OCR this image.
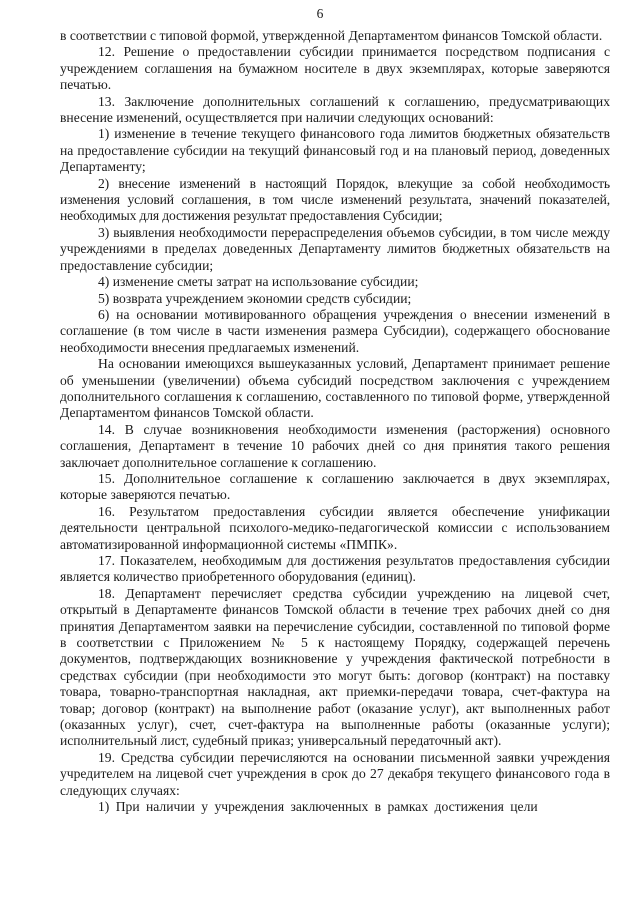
6

в соответствии с типовой формой, утвержденной Департаментом финансов Томской области.

12. Решение о предоставлении субсидии принимается посредством подписания с учреждением соглашения на бумажном носителе в двух экземплярах, которые заверяются печатью.

13. Заключение дополнительных соглашений к соглашению, предусматривающих внесение изменений, осуществляется при наличии следующих оснований:

1) изменение в течение текущего финансового года лимитов бюджетных обязательств на предоставление субсидии на текущий финансовый год и на плановый период, доведенных Департаменту;

2) внесение изменений в настоящий Порядок, влекущие за собой необходимость изменения условий соглашения, в том числе изменений результата, значений показателей, необходимых для достижения результат предоставления Субсидии;

3) выявления необходимости перераспределения объемов субсидии, в том числе между учреждениями в пределах доведенных Департаменту лимитов бюджетных обязательств на предоставление субсидии;

4) изменение сметы затрат на использование субсидии;

5) возврата учреждением экономии средств субсидии;

6) на основании мотивированного обращения учреждения о внесении изменений в соглашение (в том числе в части изменения размера Субсидии), содержащего обоснование необходимости внесения предлагаемых изменений.

На основании имеющихся вышеуказанных условий, Департамент принимает решение об уменьшении (увеличении) объема субсидий посредством заключения с учреждением дополнительного соглашения к соглашению, составленного по типовой форме, утвержденной Департаментом финансов Томской области.

14. В случае возникновения необходимости изменения (расторжения) основного соглашения, Департамент в течение 10 рабочих дней со дня принятия такого решения заключает дополнительное соглашение к соглашению.

15. Дополнительное соглашение к соглашению заключается в двух экземплярах, которые заверяются печатью.

16. Результатом предоставления субсидии является обеспечение унификации деятельности центральной психолого-медико-педагогической комиссии с использованием автоматизированной информационной системы «ПМПК».

17. Показателем, необходимым для достижения результатов предоставления субсидии является количество приобретенного оборудования (единиц).

18. Департамент перечисляет средства субсидии учреждению на лицевой счет, открытый в Департаменте финансов Томской области в течение трех рабочих дней со дня принятия Департаментом заявки на перечисление субсидии, составленной по типовой форме в соответствии с Приложением № 5 к настоящему Порядку, содержащей перечень документов, подтверждающих возникновение у учреждения фактической потребности в средствах субсидии (при необходимости это могут быть: договор (контракт) на поставку товара, товарно-транспортная накладная, акт приемки-передачи товара, счет-фактура на товар; договор (контракт) на выполнение работ (оказание услуг), акт выполненных работ (оказанных услуг), счет, счет-фактура на выполненные работы (оказанные услуги); исполнительный лист, судебный приказ; универсальный передаточный акт).

19. Средства субсидии перечисляются на основании письменной заявки учреждения учредителем на лицевой счет учреждения в срок до 27 декабря текущего финансового года в следующих случаях:

1) При наличии у учреждения заключенных в рамках достижения цели
